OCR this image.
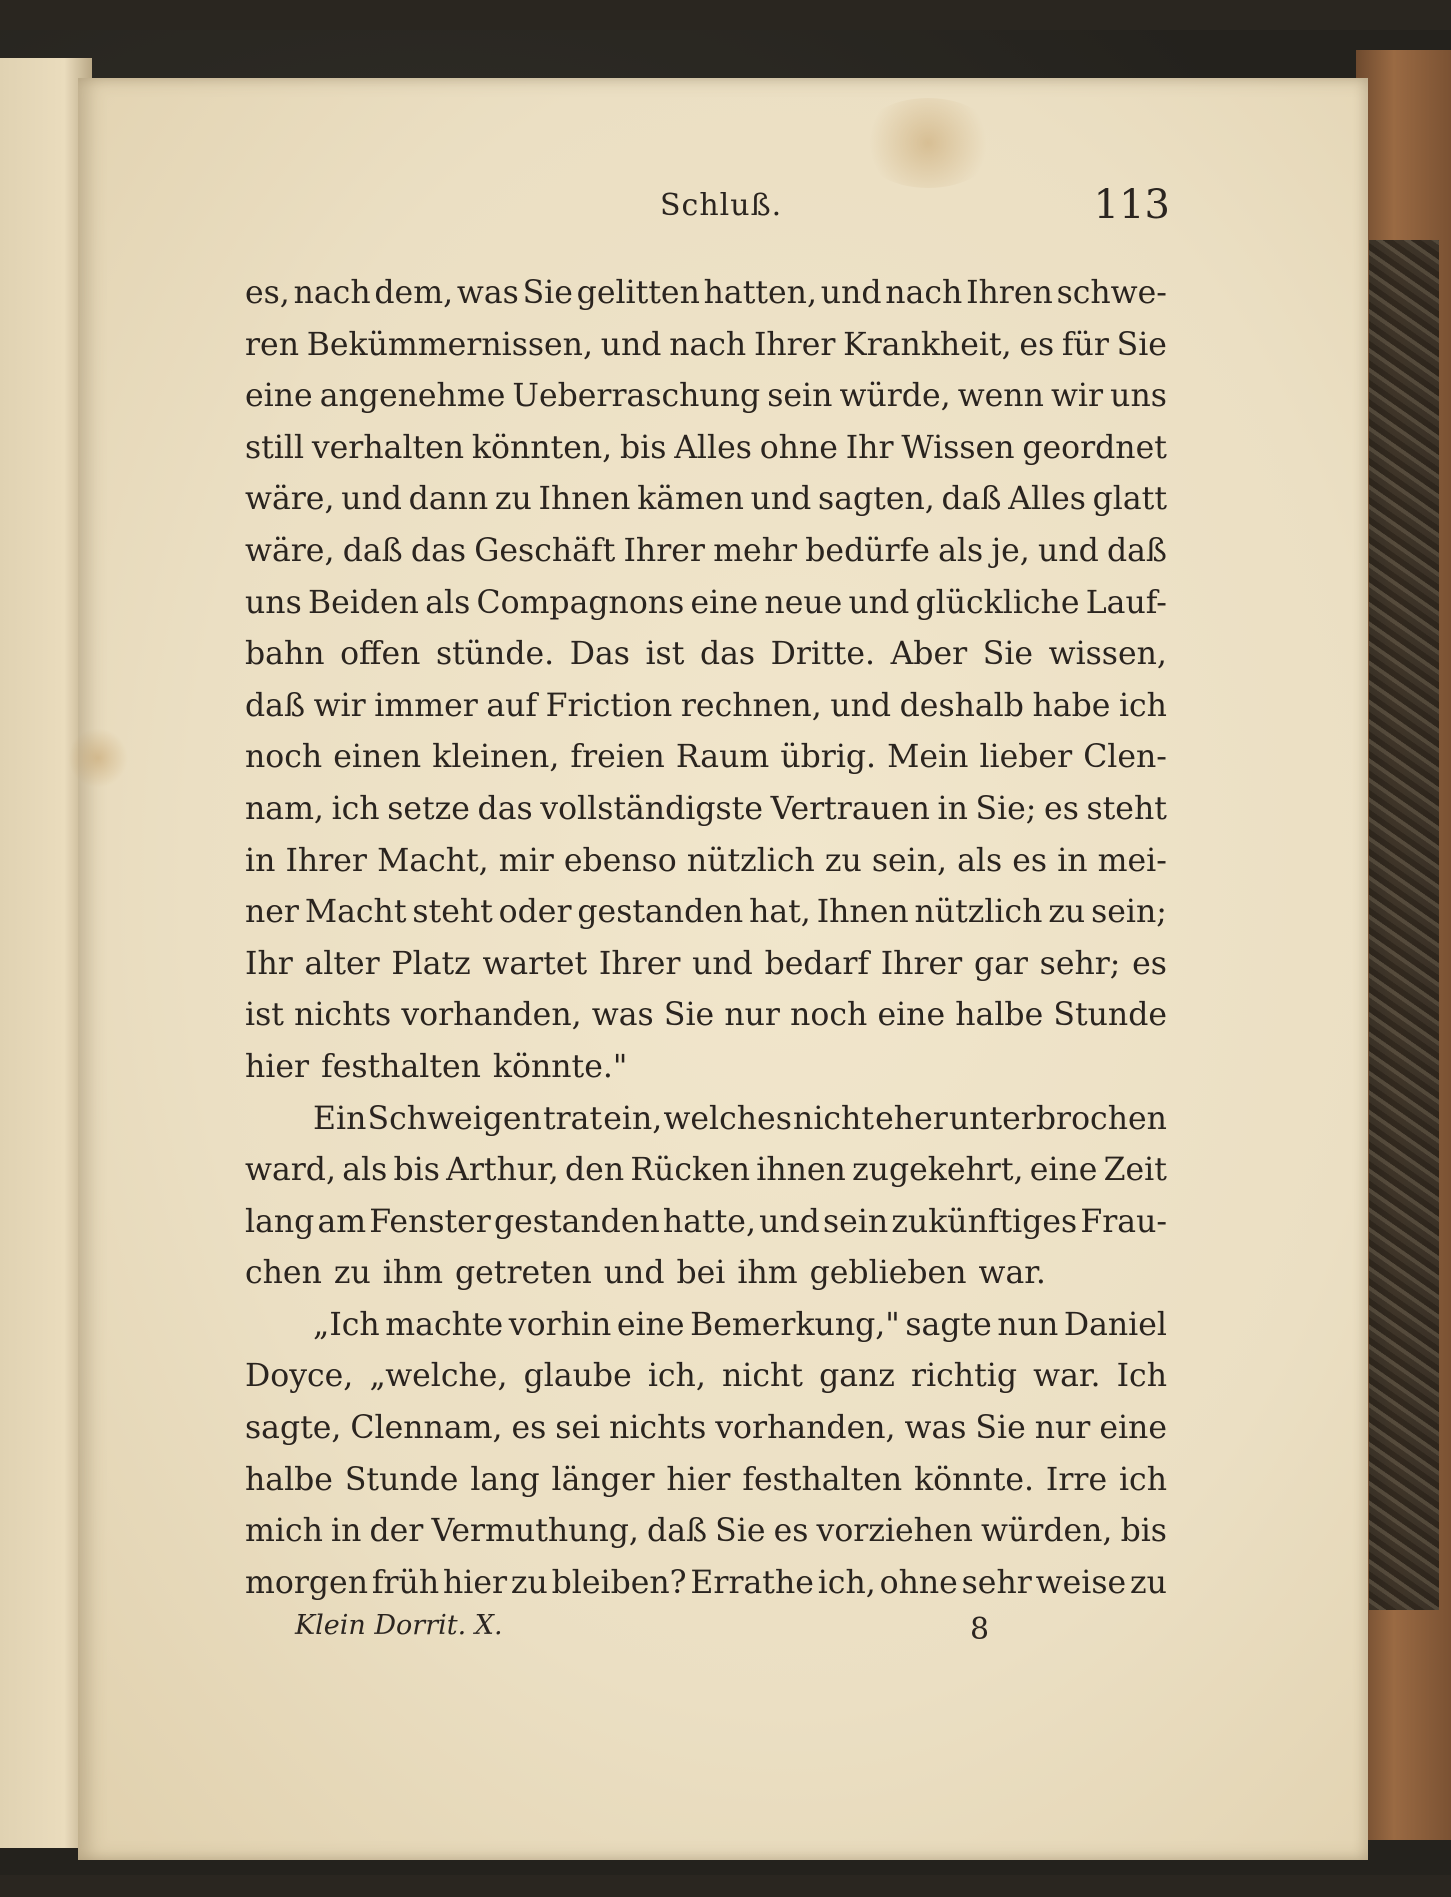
Schluß.	113
es, nach dem, was Sie gelitten hatten, und nach Ihren schwe-
ren Bekümmernissen, und nach Ihrer Krankheit, es für Sie
eine angenehme Ueberraschung sein würde, wenn wir uns
still verhalten könnten, bis Alles ohne Ihr Wissen geordnet
wäre, und dann zu Ihnen kämen und sagten, daß Alles glatt
wäre, daß das Geschäft Ihrer mehr bedürfe als je, und daß
uns Beiden als Compagnons eine neue und glückliche Lauf-
bahn offen stünde. Das ist das Dritte. Aber Sie wissen,
daß wir immer auf Friction rechnen, und deshalb habe ich
noch einen kleinen, freien Raum übrig. Mein lieber Clen-
nam, ich setze das vollständigste Vertrauen in Sie; es steht
in Ihrer Macht, mir ebenso nützlich zu sein, als es in mei-
ner Macht steht oder gestanden hat, Ihnen nützlich zu sein;
Ihr alter Platz wartet Ihrer und bedarf Ihrer gar sehr; es
ist nichts vorhanden, was Sie nur noch eine halbe Stunde
hier festhalten könnte."
Ein Schweigen trat ein, welches nicht eher unterbrochen
ward, als bis Arthur, den Rücken ihnen zugekehrt, eine Zeit
lang am Fenster gestanden hatte, und sein zukünftiges Frau-
chen zu ihm getreten und bei ihm geblieben war.
„Ich machte vorhin eine Bemerkung," sagte nun Daniel
Doyce, „welche, glaube ich, nicht ganz richtig war. Ich
sagte, Clennam, es sei nichts vorhanden, was Sie nur eine
halbe Stunde lang länger hier festhalten könnte. Irre ich
mich in der Vermuthung, daß Sie es vorziehen würden, bis
morgen früh hier zu bleiben? Errathe ich, ohne sehr weise zu
Klein Dorrit. X.	8
